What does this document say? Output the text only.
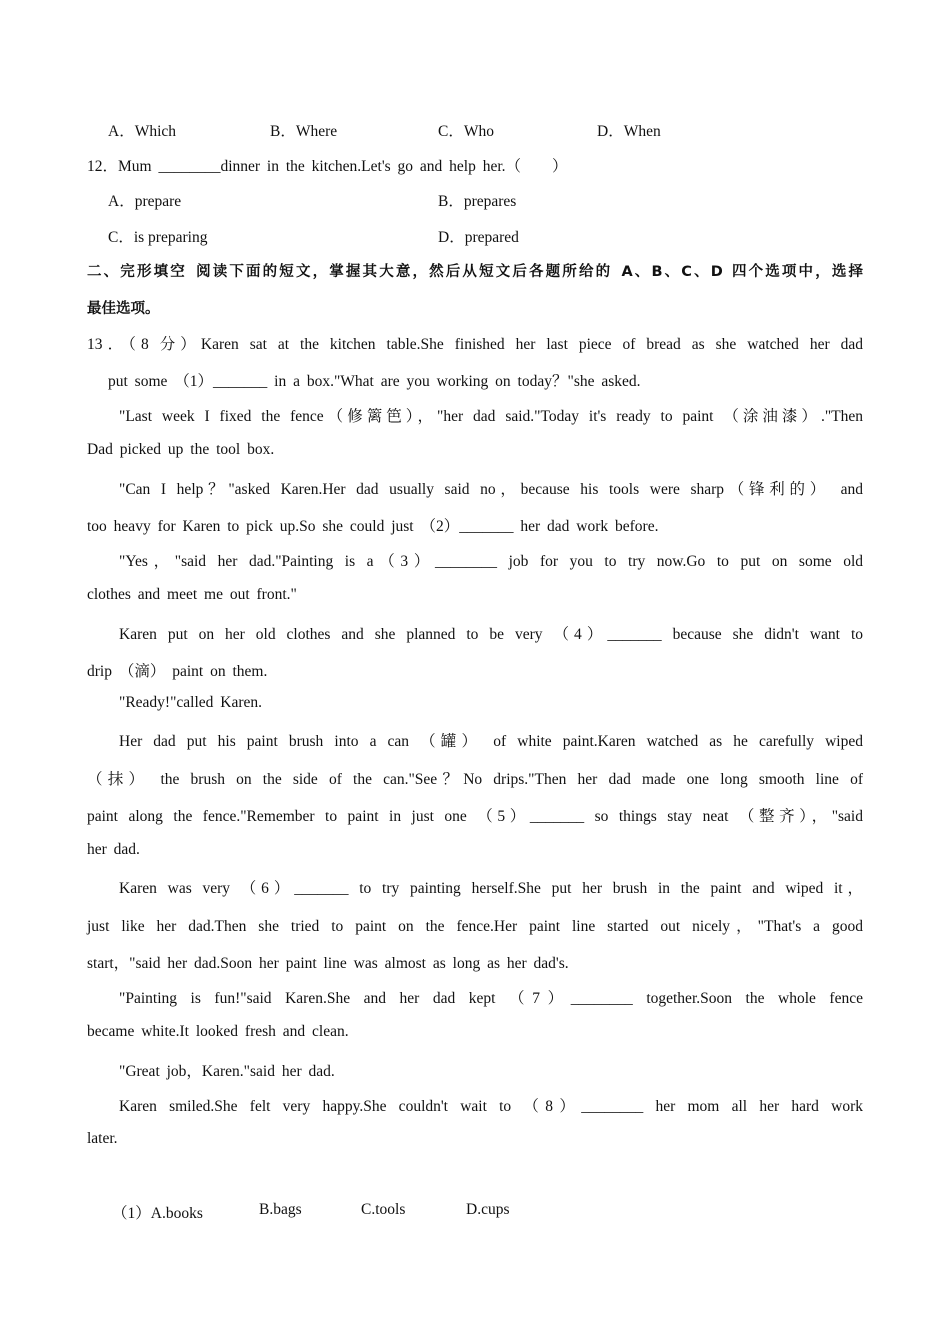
A．Which	B．Where	C．Who	D．When
12．Mum ________dinner in the kitchen.Let's go and help her.（　　）
A．prepare	B．prepares
C．is preparing	D．prepared
二、完形填空 阅读下面的短文，掌握其大意，然后从短文后各题所给的 A、B、C、D 四个选项中，选择
最佳选项。
13．（8 分）Karen sat at the kitchen table.She finished her last piece of bread as she watched her dad
put some （1）_______ in a box."What are you working on today？"she asked.
"Last week I fixed the fence（修篱笆），"her dad said."Today it's ready to paint （涂油漆）."Then
Dad picked up the tool box.
"Can I help？"asked Karen.Her dad usually said no，because his tools were sharp（锋利的） and
too heavy for Karen to pick up.So she could just （2）_______ her dad work before.
"Yes，"said her dad."Painting is a（3）________ job for you to try now.Go to put on some old
clothes and meet me out front."
Karen put on her old clothes and she planned to be very （4）_______ because she didn't want to
drip （滴） paint on them.
"Ready!"called Karen.
Her dad put his paint brush into a can （罐） of white paint.Karen watched as he carefully wiped
（抹） the brush on the side of the can."See？No drips."Then her dad made one long smooth line of
paint along the fence."Remember to paint in just one （5）_______ so things stay neat （整齐），"said
her dad.
Karen was very （6）_______ to try painting herself.She put her brush in the paint and wiped it，
just like her dad.Then she tried to paint on the fence.Her paint line started out nicely，"That's a good
start，"said her dad.Soon her paint line was almost as long as her dad's.
"Painting is fun!"said Karen.She and her dad kept （7）________ together.Soon the whole fence
became white.It looked fresh and clean.
"Great job，Karen."said her dad.
Karen smiled.She felt very happy.She couldn't wait to （8）________ her mom all her hard work
later.
（1）A.books	B.bags	C.tools	D.cups
